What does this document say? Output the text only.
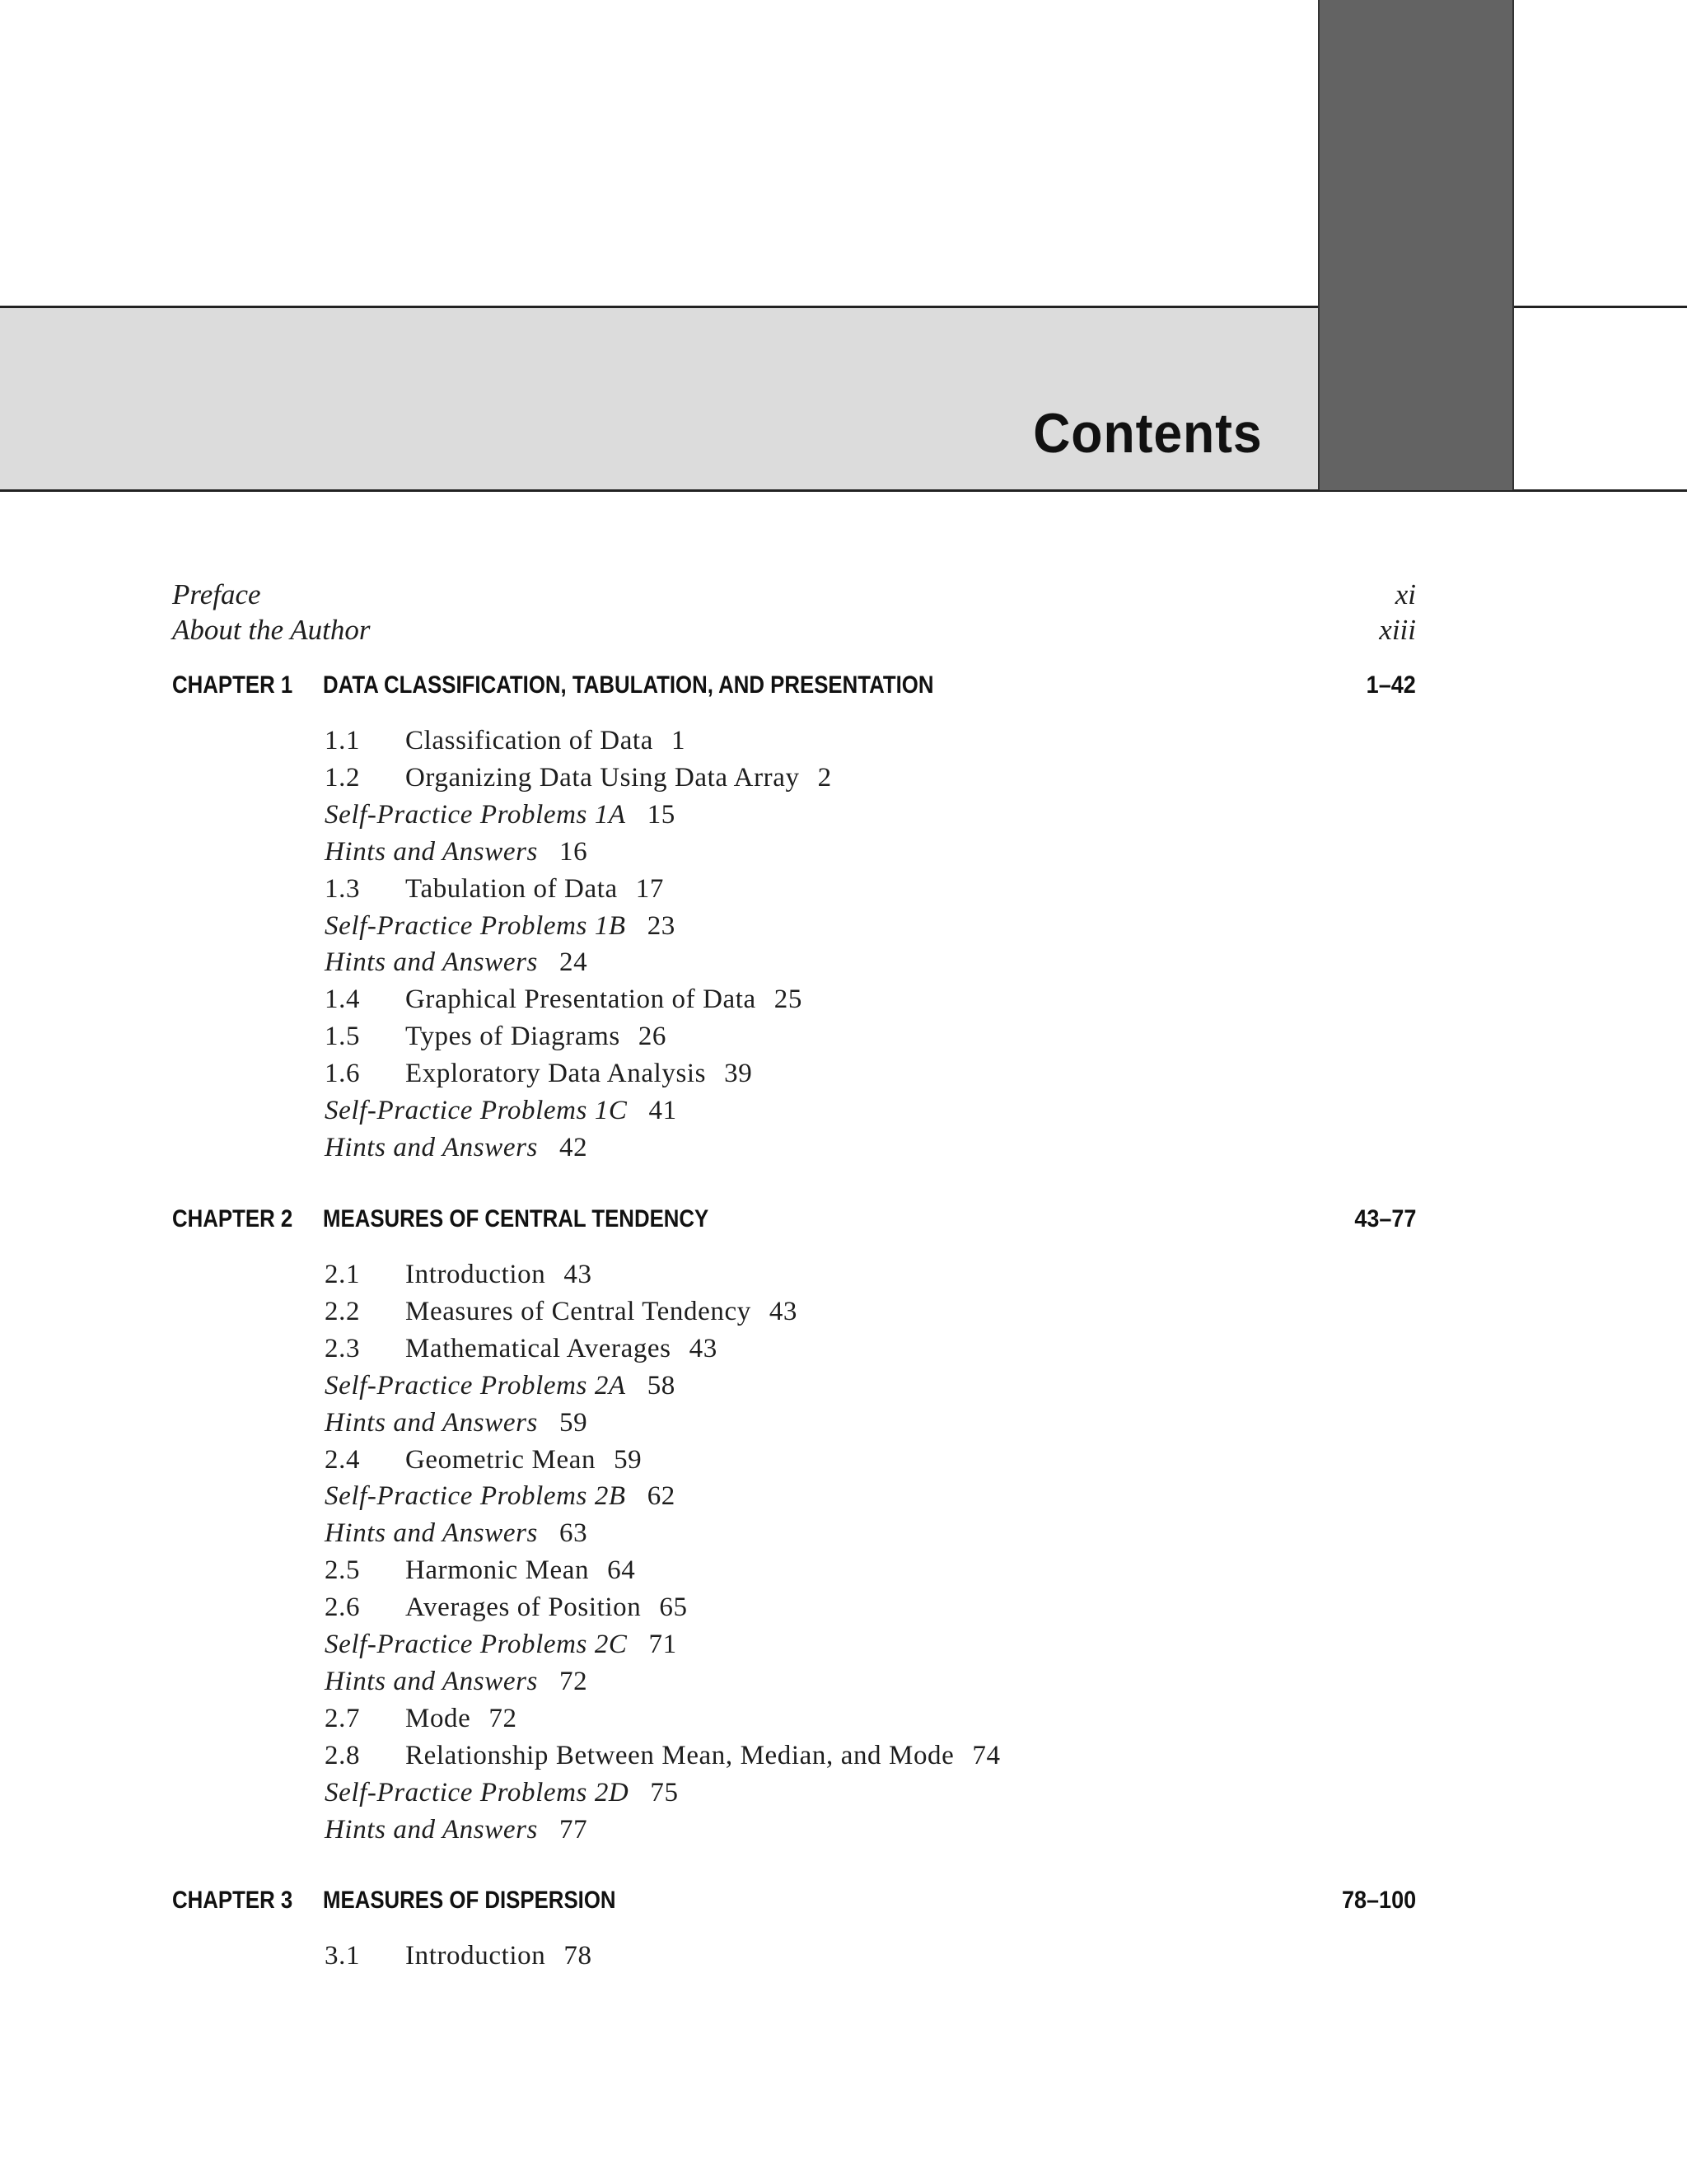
Contents
Preface	xi
About the Author	xiii
CHAPTER 1 DATA CLASSIFICATION, TABULATION, AND PRESENTATION	1–42
1.1 Classification of Data 1
1.2 Organizing Data Using Data Array 2
Self-Practice Problems 1A 15
Hints and Answers 16
1.3 Tabulation of Data 17
Self-Practice Problems 1B 23
Hints and Answers 24
1.4 Graphical Presentation of Data 25
1.5 Types of Diagrams 26
1.6 Exploratory Data Analysis 39
Self-Practice Problems 1C 41
Hints and Answers 42
CHAPTER 2 MEASURES OF CENTRAL TENDENCY	43–77
2.1 Introduction 43
2.2 Measures of Central Tendency 43
2.3 Mathematical Averages 43
Self-Practice Problems 2A 58
Hints and Answers 59
2.4 Geometric Mean 59
Self-Practice Problems 2B 62
Hints and Answers 63
2.5 Harmonic Mean 64
2.6 Averages of Position 65
Self-Practice Problems 2C 71
Hints and Answers 72
2.7 Mode 72
2.8 Relationship Between Mean, Median, and Mode 74
Self-Practice Problems 2D 75
Hints and Answers 77
CHAPTER 3 MEASURES OF DISPERSION	78–100
3.1 Introduction 78
